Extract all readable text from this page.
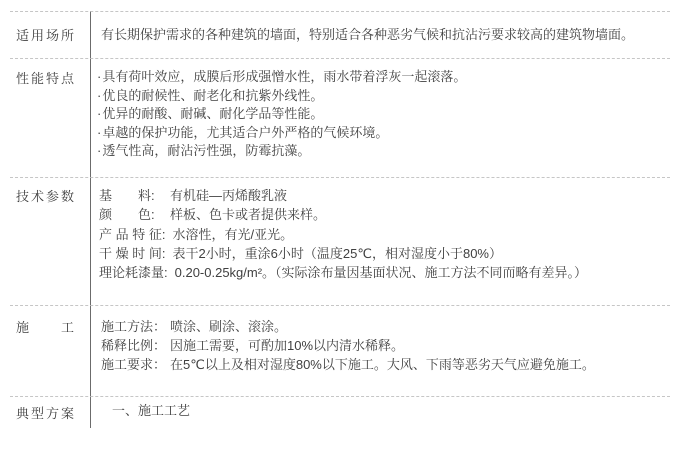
适用场所	有长期保护需求的各种建筑的墙面，特别适合各种恶劣气候和抗沾污要求较高的建筑物墙面。

性能特点	· 具有荷叶效应，成膜后形成强憎水性，雨水带着浮灰一起滚落。
· 优良的耐候性、耐老化和抗紫外线性。
· 优异的耐酸、耐碱、耐化学品等性能。
· 卓越的保护功能，尤其适合户外严格的气候环境。
· 透气性高，耐沾污性强，防霉抗藻。
技术参数	基　　料: 有机硅—丙烯酸乳液
颜　　色: 样板、色卡或者提供来样。
产 品 特 征: 水溶性，有光/亚光。
干 燥 时 间: 表干2小时，重涂6小时（温度25℃，相对湿度小于80%）
理论耗漆量: 0.20-0.25kg/m²。（实际涂布量因基面状况、施工方法不同而略有差异。）
施　　工	施工方法： 喷涂、刷涂、滚涂。
稀释比例： 因施工需要，可酌加10%以内清水稀释。
施工要求： 在5℃以上及相对湿度80%以下施工。大风、下雨等恶劣天气应避免施工。
典型方案	一、施工工艺
